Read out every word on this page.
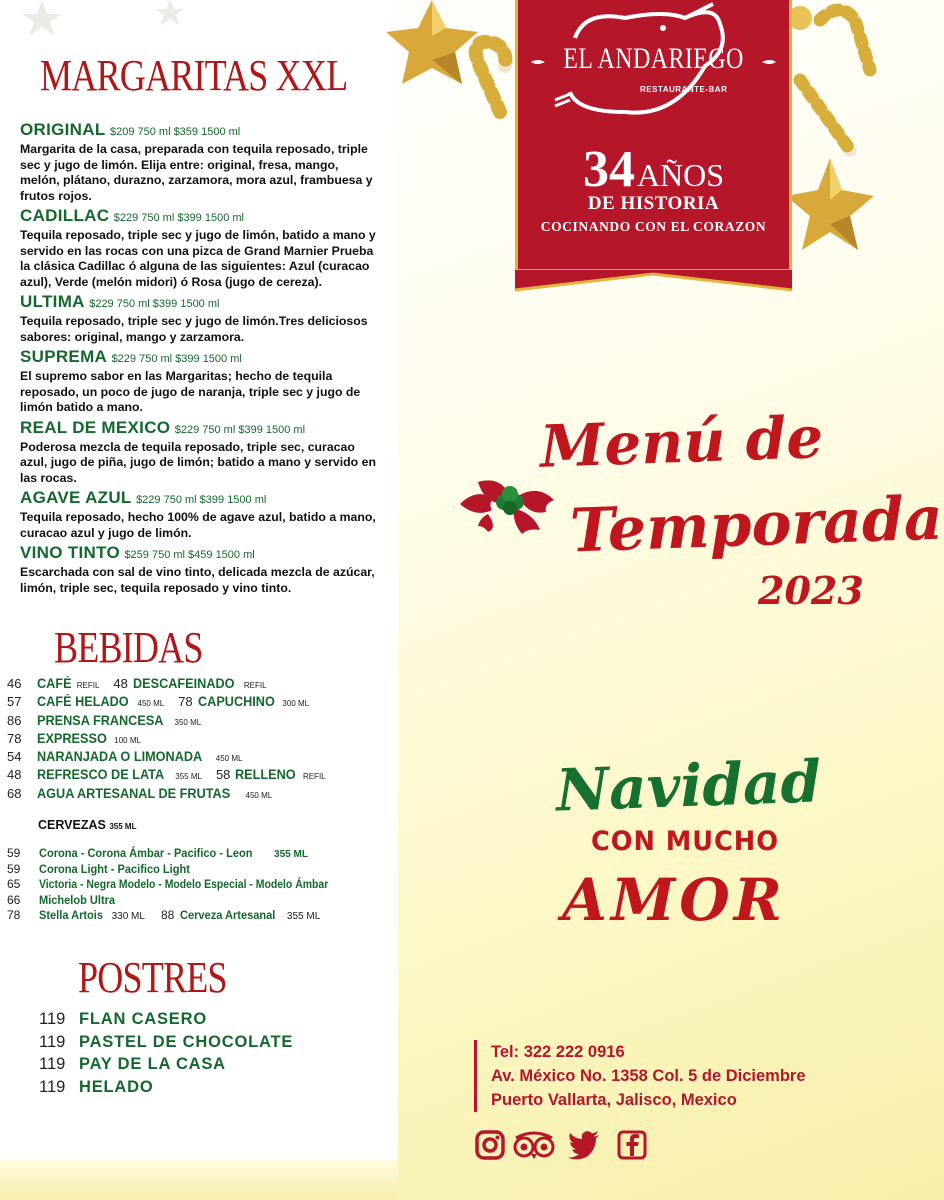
EL ANDARIEGO
RESTAURANTE-BAR
34AÑOS
DE HISTORIA
COCINANDO CON EL CORAZON
MARGARITAS XXL
ORIGINAL $209 750 ml $359 1500 ml
Margarita de la casa, preparada con tequila reposado, triple sec y jugo de limón. Elija entre: original, fresa, mango, melón, plátano, durazno, zarzamora, mora azul, frambuesa y frutos rojos.
CADILLAC $229 750 ml $399 1500 ml
Tequila reposado, triple sec y jugo de limón, batido a mano y servido en las rocas con una pizca de Grand Marnier Prueba la clásica Cadillac ó alguna de las siguientes: Azul (curacao azul), Verde (melón midori) ó Rosa (jugo de cereza).
ULTIMA $229 750 ml $399 1500 ml
Tequila reposado, triple sec y jugo de limón.Tres deliciosos sabores: original, mango y zarzamora.
SUPREMA $229 750 ml $399 1500 ml
El supremo sabor en las Margaritas; hecho de tequila reposado, un poco de jugo de naranja, triple sec y jugo de limón batido a mano.
REAL DE MEXICO $229 750 ml $399 1500 ml
Poderosa mezcla de tequila reposado, triple sec, curacao azul, jugo de piña, jugo de limón; batido a mano y servido en las rocas.
AGAVE AZUL $229 750 ml $399 1500 ml
Tequila reposado, hecho 100% de agave azul, batido a mano, curacao azul y jugo de limón.
VINO TINTO $259 750 ml $459 1500 ml
Escarchada con sal de vino tinto, delicada mezcla de azúcar, limón, triple sec, tequila reposado y vino tinto.
BEBIDAS
46	CAFÉ REFIL 48 DESCAFEINADO REFIL
57	CAFÉ HELADO 450 ML 78 CAPUCHINO 300 ML
86	PRENSA FRANCESA 350 ML
78	EXPRESSO 100 ML
54	NARANJADA O LIMONADA 450 ML
48	REFRESCO DE LATA 355 ML 58 RELLENO REFIL
68	AGUA ARTESANAL DE FRUTAS 450 ML
CERVEZAS 355 ML
59	Corona - Corona Ámbar - Pacifico - Leon 355 ML
59	Corona Light - Pacifico Light
65	Victoria - Negra Modelo - Modelo Especial - Modelo Ámbar
66	Michelob Ultra
78	Stella Artois 330 ML 88 Cerveza Artesanal 355 ML
POSTRES
119 FLAN CASERO
119 PASTEL DE CHOCOLATE
119 PAY DE LA CASA
119 HELADO
Menú de
Temporada
2023
Navidad
CON MUCHO
AMOR
Tel: 322 222 0916
Av. México No. 1358 Col. 5 de Diciembre
Puerto Vallarta, Jalisco, Mexico
